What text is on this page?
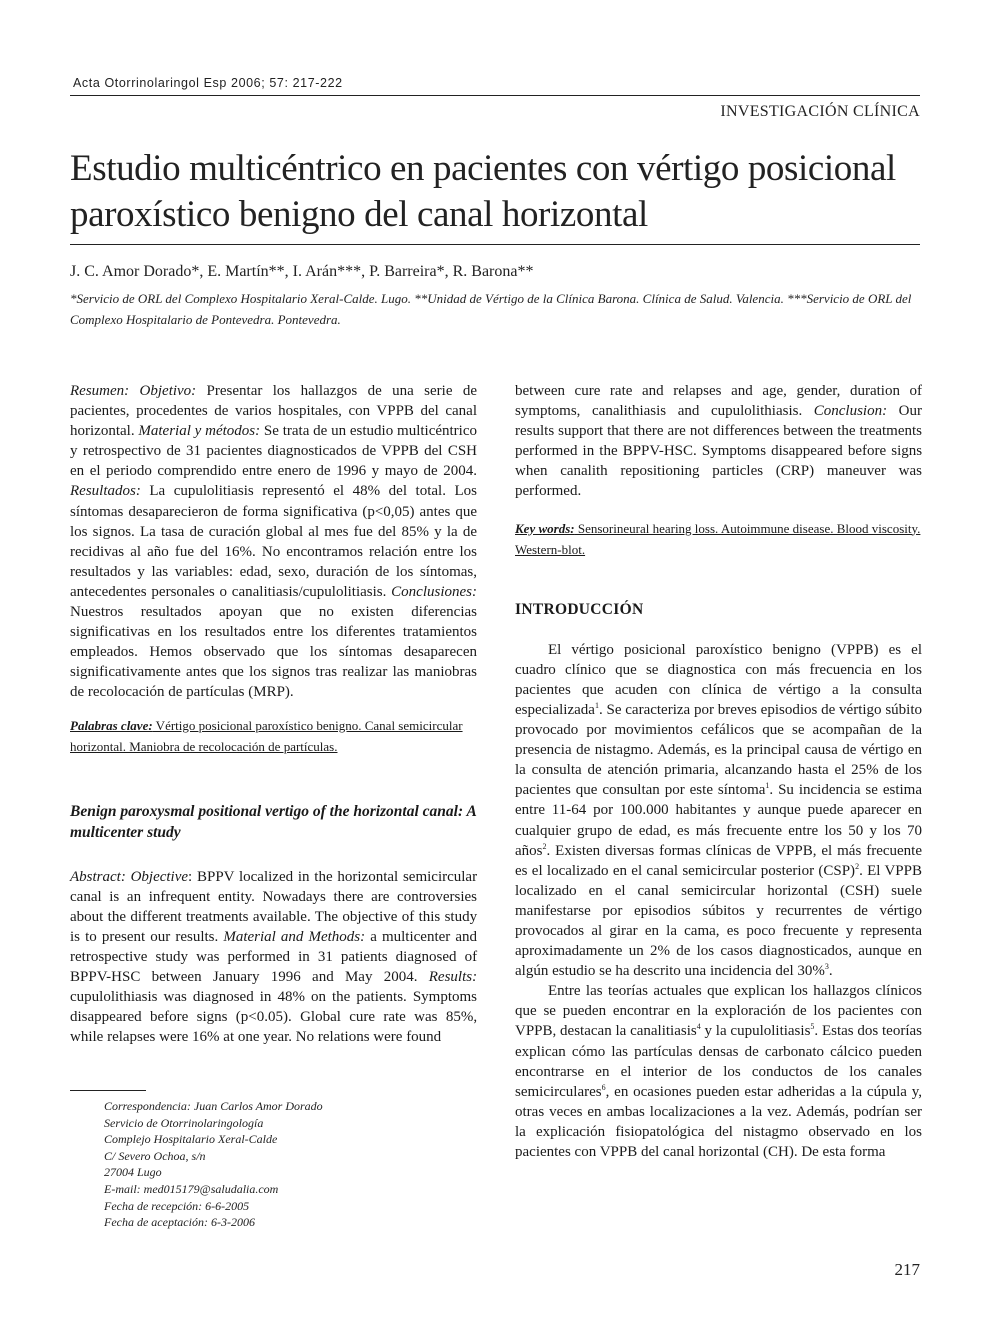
Acta Otorrinolaringol Esp 2006; 57: 217-222
INVESTIGACIÓN CLÍNICA
Estudio multicéntrico en pacientes con vértigo posicional paroxístico benigno del canal horizontal
J. C. Amor Dorado*, E. Martín**, I. Arán***, P. Barreira*, R. Barona**
*Servicio de ORL del Complexo Hospitalario Xeral-Calde. Lugo. **Unidad de Vértigo de la Clínica Barona. Clínica de Salud. Valencia. ***Servicio de ORL del Complexo Hospitalario de Pontevedra. Pontevedra.

Resumen: Objetivo: Presentar los hallazgos de una serie de pacientes, procedentes de varios hospitales, con VPPB del canal horizontal. Material y métodos: Se trata de un estudio multicéntrico y retrospectivo de 31 pacientes diagnosticados de VPPB del CSH en el periodo comprendido entre enero de 1996 y mayo de 2004. Resultados: La cupulolitiasis representó el 48% del total. Los síntomas desaparecieron de forma significativa (p<0,05) antes que los signos. La tasa de curación global al mes fue del 85% y la de recidivas al año fue del 16%. No encontramos relación entre los resultados y las variables: edad, sexo, duración de los síntomas, antecedentes personales o canalitiasis/cupulolitiasis. Conclusiones: Nuestros resultados apoyan que no existen diferencias significativas en los resultados entre los diferentes tratamientos empleados. Hemos observado que los síntomas desaparecen significativamente antes que los signos tras realizar las maniobras de recolocación de partículas (MRP).

Palabras clave: Vértigo posicional paroxístico benigno. Canal semicircular horizontal. Maniobra de recolocación de partículas.

Benign paroxysmal positional vertigo of the horizontal canal: A multicenter study

Abstract: Objective: BPPV localized in the horizontal semicircular canal is an infrequent entity. Nowadays there are controversies about the different treatments available. The objective of this study is to present our results. Material and Methods: a multicenter and retrospective study was performed in 31 patients diagnosed of BPPV-HSC between January 1996 and May 2004. Results: cupulolithiasis was diagnosed in 48% on the patients. Symptoms disappeared before signs (p<0.05). Global cure rate was 85%, while relapses were 16% at one year. No relations were found

Correspondencia: Juan Carlos Amor Dorado
Servicio de Otorrinolaringología
Complejo Hospitalario Xeral-Calde
C/ Severo Ochoa, s/n
27004 Lugo
E-mail: med015179@saludalia.com
Fecha de recepción: 6-6-2005
Fecha de aceptación: 6-3-2006

between cure rate and relapses and age, gender, duration of symptoms, canalithiasis and cupulolithiasis. Conclusion: Our results support that there are not differences between the treatments performed in the BPPV-HSC. Symptoms disappeared before signs when canalith repositioning particles (CRP) maneuver was performed.

Key words: Sensorineural hearing loss. Autoimmune disease. Blood viscosity. Western-blot.

INTRODUCCIÓN

El vértigo posicional paroxístico benigno (VPPB) es el cuadro clínico que se diagnostica con más frecuencia en los pacientes que acuden con clínica de vértigo a la consulta especializada$^1$. Se caracteriza por breves episodios de vértigo súbito provocado por movimientos cefálicos que se acompañan de la presencia de nistagmo. Además, es la principal causa de vértigo en la consulta de atención primaria, alcanzando hasta el 25% de los pacientes que consultan por este síntoma$^1$. Su incidencia se estima entre 11-64 por 100.000 habitantes y aunque puede aparecer en cualquier grupo de edad, es más frecuente entre los 50 y los 70 años$^2$. Existen diversas formas clínicas de VPPB, el más frecuente es el localizado en el canal semicircular posterior (CSP)$^2$. El VPPB localizado en el canal semicircular horizontal (CSH) suele manifestarse por episodios súbitos y recurrentes de vértigo provocados al girar en la cama, es poco frecuente y representa aproximadamente un 2% de los casos diagnosticados, aunque en algún estudio se ha descrito una incidencia del 30%$^3$.

Entre las teorías actuales que explican los hallazgos clínicos que se pueden encontrar en la exploración de los pacientes con VPPB, destacan la canalitiasis$^4$ y la cupulolitiasis$^5$. Estas dos teorías explican cómo las partículas densas de carbonato cálcico pueden encontrarse en el interior de los conductos de los canales semicirculares$^6$, en ocasiones pueden estar adheridas a la cúpula y, otras veces en ambas localizaciones a la vez. Además, podrían ser la explicación fisiopatológica del nistagmo observado en los pacientes con VPPB del canal horizontal (CH). De esta forma

217
